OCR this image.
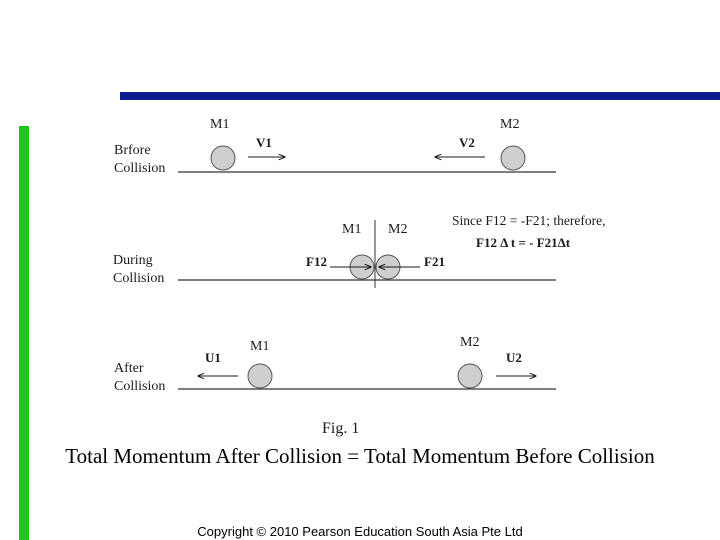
Brfore
Collision
M1	M2
V1	V2
During
Collision
M1 M2
F12	F21
Since F12 = -F21; therefore,
F12 Δ t = - F21Δt
After
Collision
M1	M2
U1	U2
Fig. 1
Total Momentum After Collision = Total Momentum Before Collision
Copyright © 2010 Pearson Education South Asia Pte Ltd
